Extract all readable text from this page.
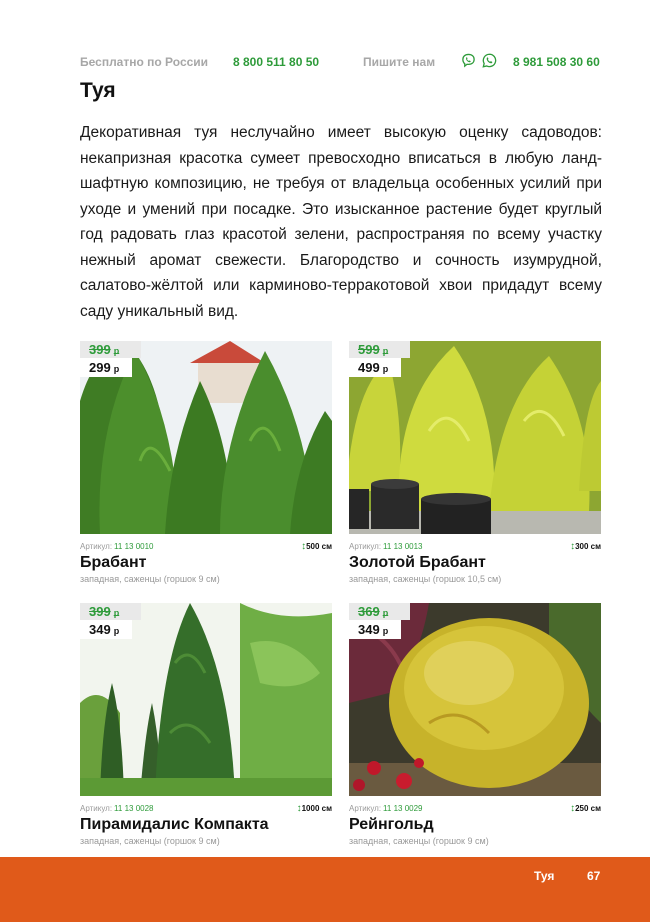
Бесплатно по России 8 800 511 80 50	Пишите нам	8 981 508 30 60
Туя

Декоративная туя неслучайно имеет высокую оценку садоводов: некапризная красотка сумеет превосходно вписаться в любую ландшафтную композицию, не требуя от владельца особенных усилий при уходе и умений при посадке. Это изысканное растение будет круглый год радовать глаз красотой зелени, распространяя по всему участку нежный аромат свежести. Благородство и сочность изумрудной, салатово-жёлтой или карминово-терракотовой хвои придадут всему саду уникальный вид.

399 р
299 р
Артикул: 11 13 0010	↕500 см
Брабант
западная, саженцы (горшок 9 см)
599 р
499 р
Артикул: 11 13 0013	↕300 см
Золотой Брабант
западная, саженцы (горшок 10,5 см)
399 р
349 р
Артикул: 11 13 0028	↕1000 см
Пирамидалис Компакта
западная, саженцы (горшок 9 см)
369 р
349 р
Артикул: 11 13 0029	↕250 см
Рейнгольд
западная, саженцы (горшок 9 см)
Туя	67
